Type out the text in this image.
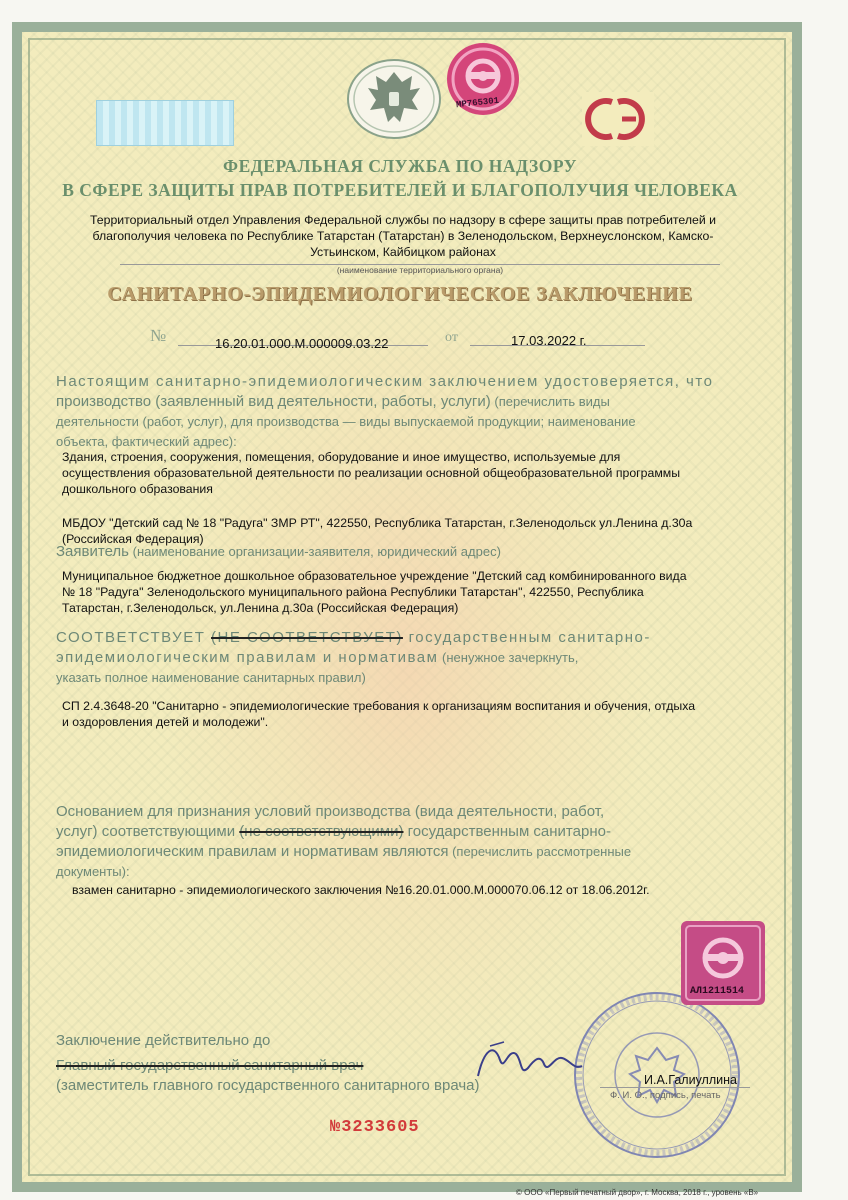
МР765301
ФЕДЕРАЛЬНАЯ СЛУЖБА ПО НАДЗОРУ
В СФЕРЕ ЗАЩИТЫ ПРАВ ПОТРЕБИТЕЛЕЙ И БЛАГОПОЛУЧИЯ ЧЕЛОВЕКА
Территориальный отдел Управления Федеральной службы по надзору в сфере защиты прав потребителей и
благополучия человека по Республике Татарстан (Татарстан) в Зеленодольском, Верхнеуслонском, Камско-
Устьинском, Кайбицком районах
(наименование территориального органа)
САНИТАРНО-ЭПИДЕМИОЛОГИЧЕСКОЕ ЗАКЛЮЧЕНИЕ
№	16.20.01.000.М.000009.03.22	от	17.03.2022 г.
Настоящим санитарно-эпидемиологическим заключением удостоверяется, что
производство (заявленный вид деятельности, работы, услуги) (перечислить виды
деятельности (работ, услуг), для производства — виды выпускаемой продукции; наименование
объекта, фактический адрес):
Здания, строения, сооружения, помещения, оборудование и иное имущество, используемые для
осуществления образовательной деятельности по реализации основной общеобразовательной программы
дошкольного образования
МБДОУ "Детский сад № 18 "Радуга" ЗМР РТ", 422550, Республика Татарстан, г.Зеленодольск ул.Ленина д.30а
(Российская Федерация)
Заявитель (наименование организации-заявителя, юридический адрес)
Муниципальное бюджетное дошкольное образовательное учреждение "Детский сад комбинированного вида
№ 18 "Радуга" Зеленодольского муниципального района Республики Татарстан", 422550, Республика
Татарстан, г.Зеленодольск, ул.Ленина д.30а (Российская Федерация)
СООТВЕТСТВУЕТ (НЕ СООТВЕТСТВУЕТ) государственным санитарно-
эпидемиологическим правилам и нормативам (ненужное зачеркнуть,
указать полное наименование санитарных правил)
СП 2.4.3648-20 "Санитарно - эпидемиологические требования к организациям воспитания и обучения, отдыха
и оздоровления детей и молодежи".
Основанием для признания условий производства (вида деятельности, работ,
услуг) соответствующими (не соответствующими) государственным санитарно-
эпидемиологическим правилам и нормативам являются (перечислить рассмотренные
документы):
взамен санитарно - эпидемиологического заключения №16.20.01.000.М.000070.06.12 от 18.06.2012г.
АЛ1211514
Заключение действительно до
Главный государственный санитарный врач
(заместитель главного государственного санитарного врача)	И.А.Галиуллина
Ф. И. О., подпись, печать
№3233605
© ООО «Первый печатный двор», г. Москва, 2018 г., уровень «В»
